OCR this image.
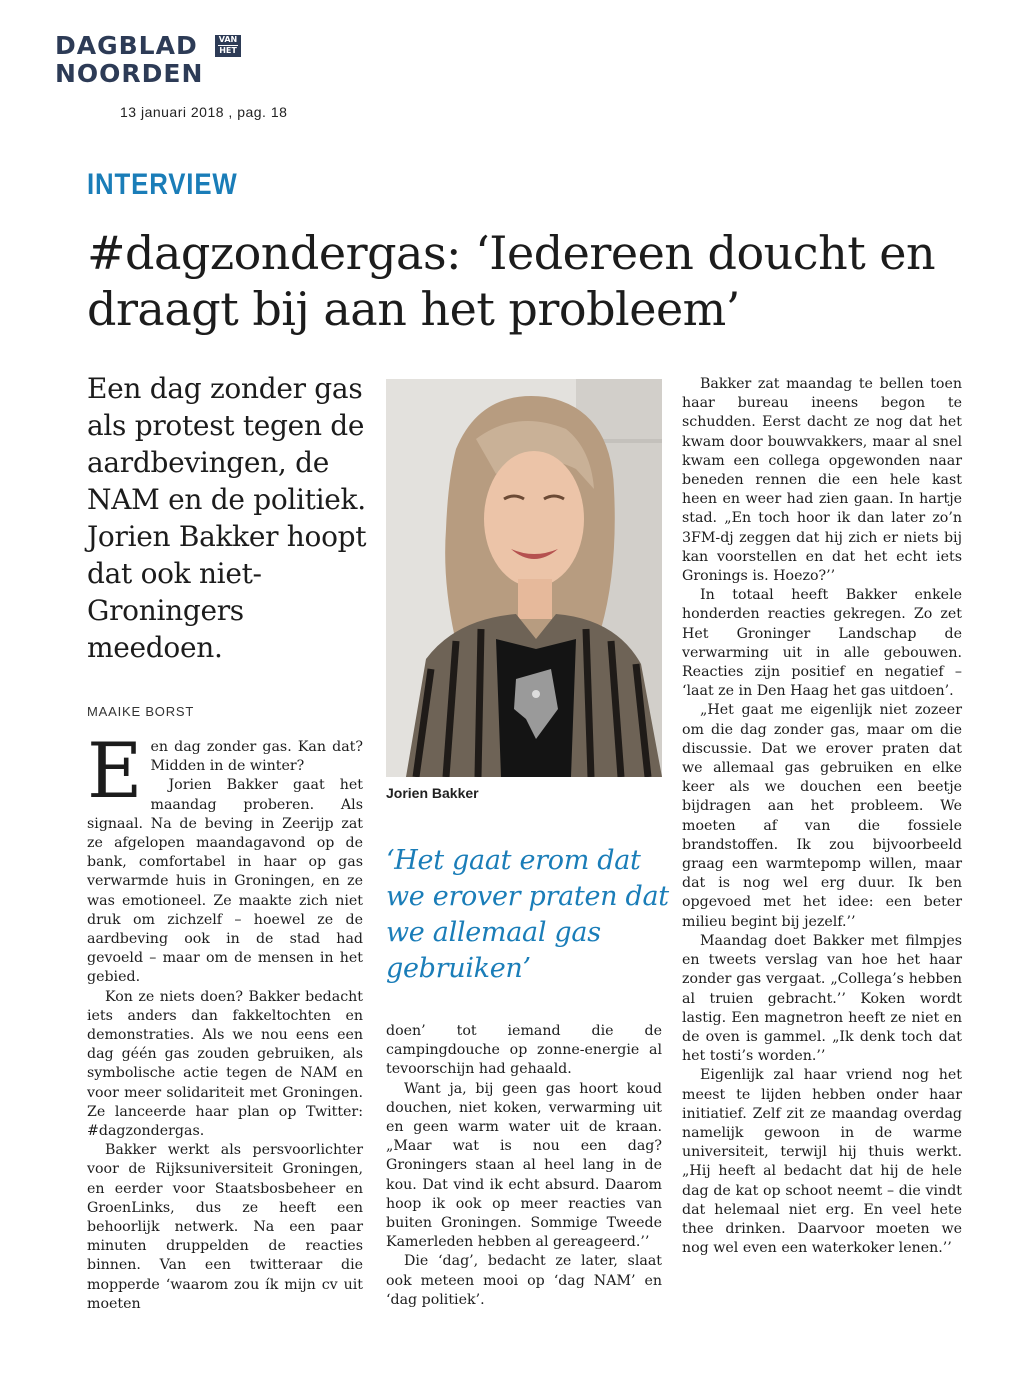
DAGBLAD
NOORDEN
VAN
HET
13 januari 2018 , pag. 18
INTERVIEW
#dagzondergas: ‘Iedereen doucht en draagt bij aan het probleem’
Een dag zonder gas als protest tegen de aardbevingen, de NAM en de politiek. Jorien Bakker hoopt dat ook niet-Groningers meedoen.
MAAIKE BORST
E en dag zonder gas. Kan dat? Midden in de winter?

Jorien Bakker gaat het maandag proberen. Als signaal. Na de beving in Zeerijp zat ze afgelopen maandagavond op de bank, comfortabel in haar op gas verwarmde huis in Groningen, en ze was emotioneel. Ze maakte zich niet druk om zichzelf – hoewel ze de aardbeving ook in de stad had gevoeld – maar om de mensen in het gebied.

Kon ze niets doen? Bakker bedacht iets anders dan fakkeltochten en demonstraties. Als we nou eens een dag géén gas zouden gebruiken, als symbolische actie tegen de NAM en voor meer solidariteit met Groningen. Ze lanceerde haar plan op Twitter: #dagzondergas.

Bakker werkt als persvoorlichter voor de Rijksuniversiteit Groningen, en eerder voor Staatsbosbeheer en GroenLinks, dus ze heeft een behoorlijk netwerk. Na een paar minuten druppelden de reacties binnen. Van een twitteraar die mopperde ‘waarom zou ík mijn cv uit moeten

Jorien Bakker
‘Het gaat erom dat we erover praten dat we allemaal gas gebruiken’

doen’ tot iemand die de campingdouche op zonne-energie al tevoorschijn had gehaald.

Want ja, bij geen gas hoort koud douchen, niet koken, verwarming uit en geen warm water uit de kraan. „Maar wat is nou een dag? Groningers staan al heel lang in de kou. Dat vind ik echt absurd. Daarom hoop ik ook op meer reacties van buiten Groningen. Sommige Tweede Kamerleden hebben al gereageerd.’’

Die ‘dag’, bedacht ze later, slaat ook meteen mooi op ‘dag NAM’ en ‘dag politiek’.

Bakker zat maandag te bellen toen haar bureau ineens begon te schudden. Eerst dacht ze nog dat het kwam door bouwvakkers, maar al snel kwam een collega opgewonden naar beneden rennen die een hele kast heen en weer had zien gaan. In hartje stad. „En toch hoor ik dan later zo’n 3FM-dj zeggen dat hij zich er niets bij kan voorstellen en dat het echt iets Gronings is. Hoezo?’’

In totaal heeft Bakker enkele honderden reacties gekregen. Zo zet Het Groninger Landschap de verwarming uit in alle gebouwen. Reacties zijn positief en negatief – ‘laat ze in Den Haag het gas uitdoen’.

„Het gaat me eigenlijk niet zozeer om die dag zonder gas, maar om die discussie. Dat we erover praten dat we allemaal gas gebruiken en elke keer als we douchen een beetje bijdragen aan het probleem. We moeten af van die fossiele brandstoffen. Ik zou bijvoorbeeld graag een warmtepomp willen, maar dat is nog wel erg duur. Ik ben opgevoed met het idee: een beter milieu begint bij jezelf.’’

Maandag doet Bakker met filmpjes en tweets verslag van hoe het haar zonder gas vergaat. „Collega’s hebben al truien gebracht.’’ Koken wordt lastig. Een magnetron heeft ze niet en de oven is gammel. „Ik denk toch dat het tosti’s worden.’’

Eigenlijk zal haar vriend nog het meest te lijden hebben onder haar initiatief. Zelf zit ze maandag overdag namelijk gewoon in de warme universiteit, terwijl hij thuis werkt. „Hij heeft al bedacht dat hij de hele dag de kat op schoot neemt – die vindt dat helemaal niet erg. En veel hete thee drinken. Daarvoor moeten we nog wel even een waterkoker lenen.’’
